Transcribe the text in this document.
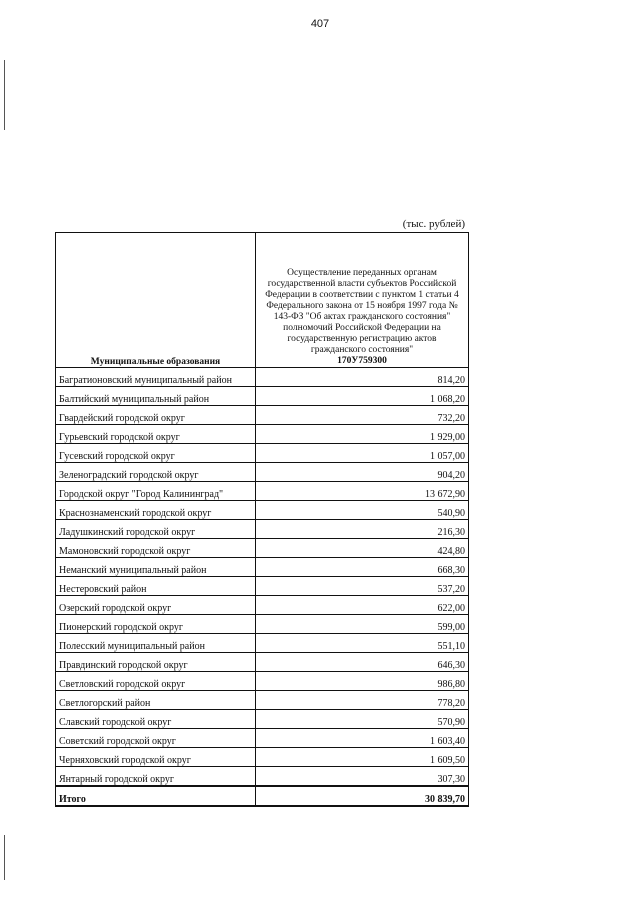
407
(тыс. рублей)
Муниципальные образования	Осуществление переданных органам государственной власти субъектов Российской Федерации в соответствии с пунктом 1 статьи 4 Федерального закона от 15 ноября 1997 года № 143-ФЗ "Об актах гражданского состояния" полномочий Российской Федерации на государственную регистрацию актов гражданского состояния"
170У759300

Багратионовский муниципальный район	814,20
Балтийский муниципальный район	1 068,20
Гвардейский городской округ	732,20
Гурьевский городской округ	1 929,00
Гусевский городской округ	1 057,00
Зеленоградский городской округ	904,20
Городской округ "Город Калининград"	13 672,90
Краснознаменский городской округ	540,90
Ладушкинский городской округ	216,30
Мамоновский городской округ	424,80
Неманский муниципальный район	668,30
Нестеровский район	537,20
Озерский городской округ	622,00
Пионерский городской округ	599,00
Полесский муниципальный район	551,10
Правдинский городской округ	646,30
Светловский городской округ	986,80
Светлогорский район	778,20
Славский городской округ	570,90
Советский городской округ	1 603,40
Черняховский городской округ	1 609,50
Янтарный городской округ	307,30
Итого	30 839,70
